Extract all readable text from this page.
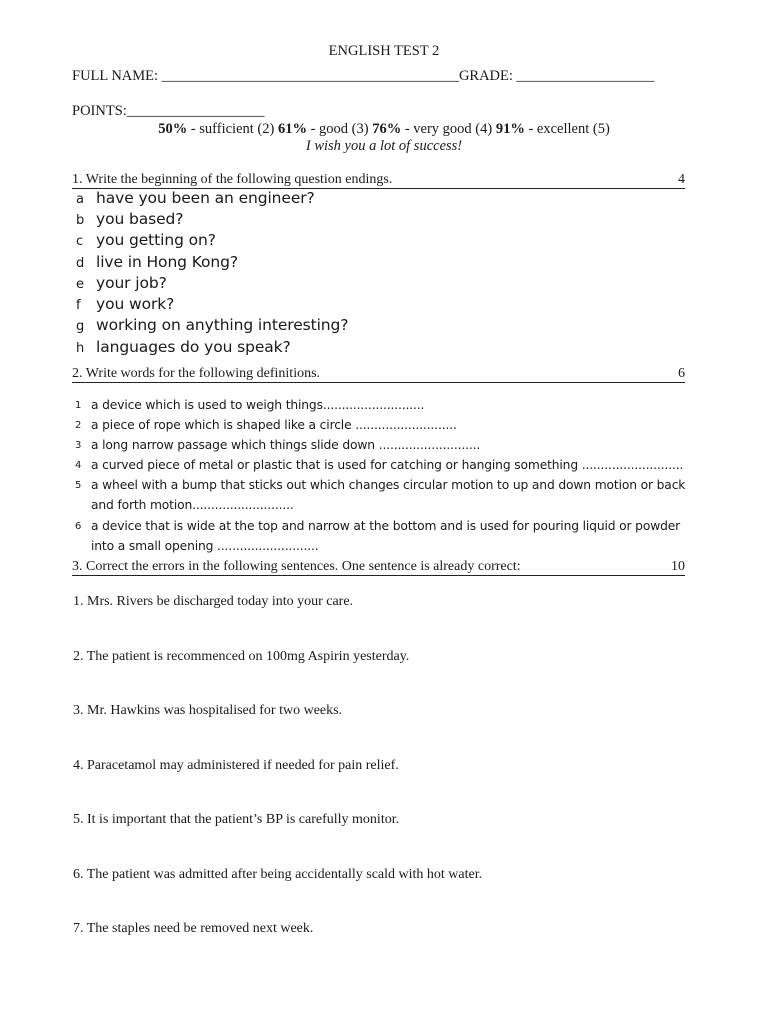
ENGLISH TEST 2
FULL NAME: _________________________________________GRADE: ___________________
POINTS:___________________
50% - sufficient (2) 61% - good (3) 76% - very good (4) 91% - excellent (5)
I wish you a lot of success!
1. Write the beginning of the following question endings.	4
a have you been an engineer?
b you based?
c you getting on?
d live in Hong Kong?
e your job?
f you work?
g working on anything interesting?
h languages do you speak?
2. Write words for the following definitions.	6
1 a device which is used to weigh things...........................
2 a piece of rope which is shaped like a circle ...........................
3 a long narrow passage which things slide down ...........................
4 a curved piece of metal or plastic that is used for catching or hanging something ...........................
5 a wheel with a bump that sticks out which changes circular motion to up and down motion or back
and forth motion...........................
6 a device that is wide at the top and narrow at the bottom and is used for pouring liquid or powder
into a small opening ...........................
3. Correct the errors in the following sentences. One sentence is already correct:	10
1. Mrs. Rivers be discharged today into your care.
2. The patient is recommenced on 100mg Aspirin yesterday.
3. Mr. Hawkins was hospitalised for two weeks.
4. Paracetamol may administered if needed for pain relief.
5. It is important that the patient’s BP is carefully monitor.
6. The patient was admitted after being accidentally scald with hot water.
7. The staples need be removed next week.
